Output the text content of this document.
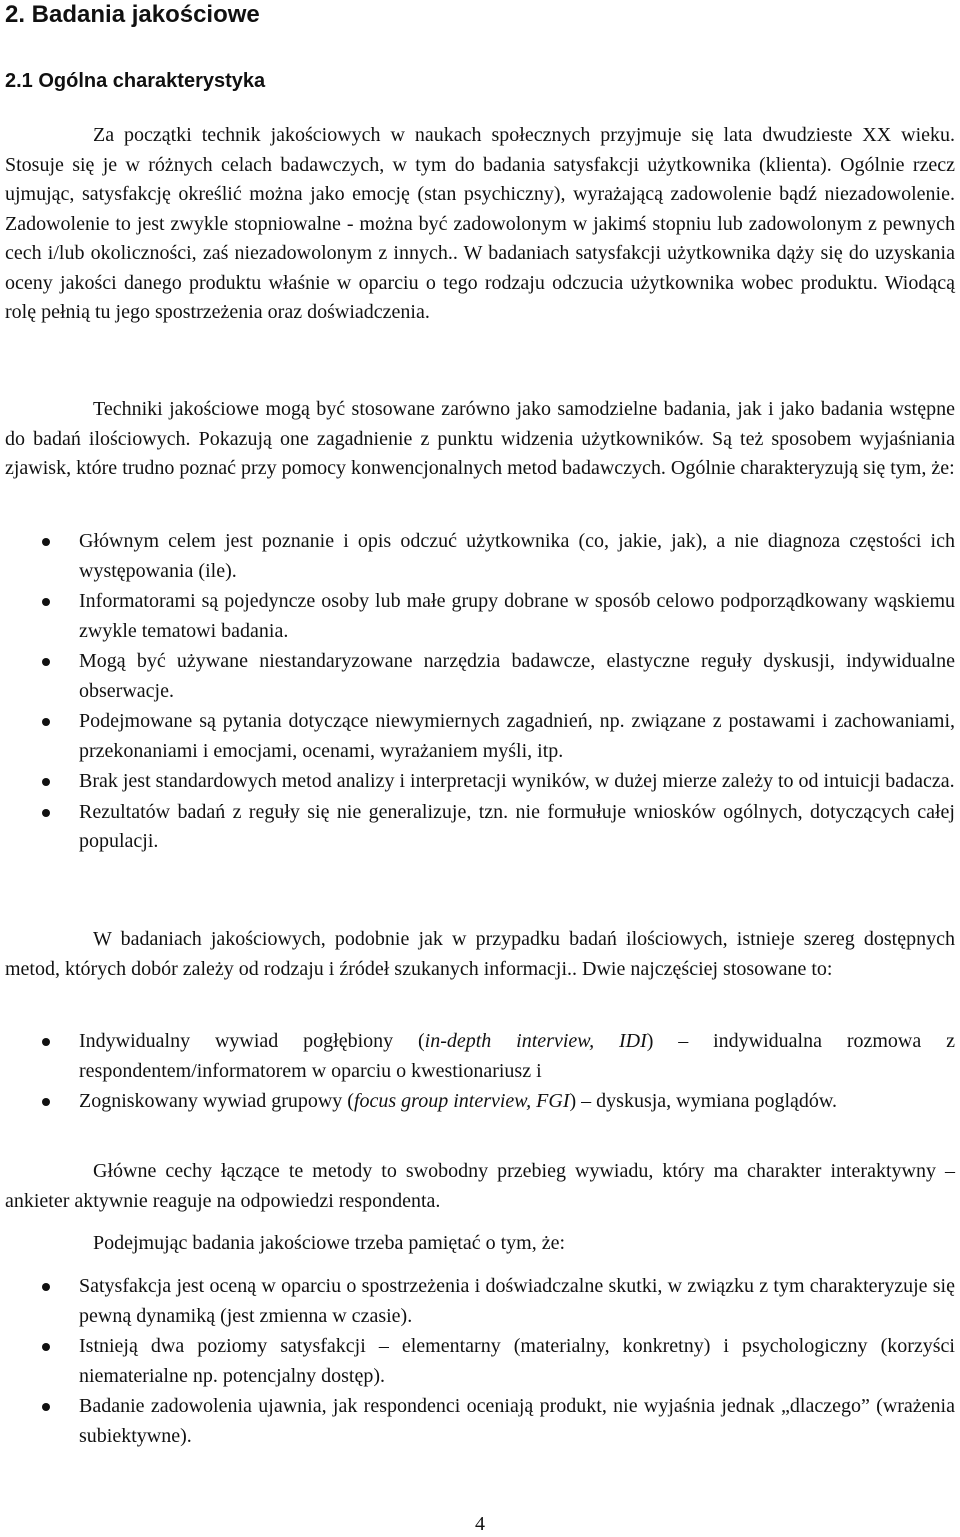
2. Badania jakościowe
2.1 Ogólna charakterystyka

Za początki technik jakościowych w naukach społecznych przyjmuje się lata dwudzieste XX wieku. Stosuje się je w różnych celach badawczych, w tym do badania satysfakcji użytkownika (klienta). Ogólnie rzecz ujmując, satysfakcję określić można jako emocję (stan psychiczny), wyrażającą zadowolenie bądź niezadowolenie. Zadowolenie to jest zwykle stopniowalne - można być zadowolonym w jakimś stopniu lub zadowolonym z pewnych cech i/lub okoliczności, zaś niezadowolonym z innych.. W badaniach satysfakcji użytkownika dąży się do uzyskania oceny jakości danego produktu właśnie w oparciu o tego rodzaju odczucia użytkownika wobec produktu. Wiodącą rolę pełnią tu jego spostrzeżenia oraz doświadczenia.

Techniki jakościowe mogą być stosowane zarówno jako samodzielne badania, jak i jako badania wstępne do badań ilościowych. Pokazują one zagadnienie z punktu widzenia użytkowników. Są też sposobem wyjaśniania zjawisk, które trudno poznać przy pomocy konwencjonalnych metod badawczych. Ogólnie charakteryzują się tym, że:

Głównym celem jest poznanie i opis odczuć użytkownika (co, jakie, jak), a nie diagnoza częstości ich występowania (ile).
Informatorami są pojedyncze osoby lub małe grupy dobrane w sposób celowo podporządkowany wąskiemu zwykle tematowi badania.
Mogą być używane niestandaryzowane narzędzia badawcze, elastyczne reguły dyskusji, indywidualne obserwacje.
Podejmowane są pytania dotyczące niewymiernych zagadnień, np. związane z postawami i zachowaniami, przekonaniami i emocjami, ocenami, wyrażaniem myśli, itp.
Brak jest standardowych metod analizy i interpretacji wyników, w dużej mierze zależy to od intuicji badacza.
Rezultatów badań z reguły się nie generalizuje, tzn. nie formułuje wniosków ogólnych, dotyczących całej populacji.

W badaniach jakościowych, podobnie jak w przypadku badań ilościowych, istnieje szereg dostępnych metod, których dobór zależy od rodzaju i źródeł szukanych informacji.. Dwie najczęściej stosowane to:

Indywidualny wywiad pogłębiony (in-depth interview, IDI) – indywidualna rozmowa z respondentem/informatorem w oparciu o kwestionariusz i
Zogniskowany wywiad grupowy (focus group interview, FGI) – dyskusja, wymiana poglądów.

Główne cechy łączące te metody to swobodny przebieg wywiadu, który ma charakter interaktywny – ankieter aktywnie reaguje na odpowiedzi respondenta.

Podejmując badania jakościowe trzeba pamiętać o tym, że:

Satysfakcja jest oceną w oparciu o spostrzeżenia i doświadczalne skutki, w związku z tym charakteryzuje się pewną dynamiką (jest zmienna w czasie).
Istnieją dwa poziomy satysfakcji – elementarny (materialny, konkretny) i psychologiczny (korzyści niematerialne np. potencjalny dostęp).
Badanie zadowolenia ujawnia, jak respondenci oceniają produkt, nie wyjaśnia jednak „dlaczego” (wrażenia subiektywne).
4
